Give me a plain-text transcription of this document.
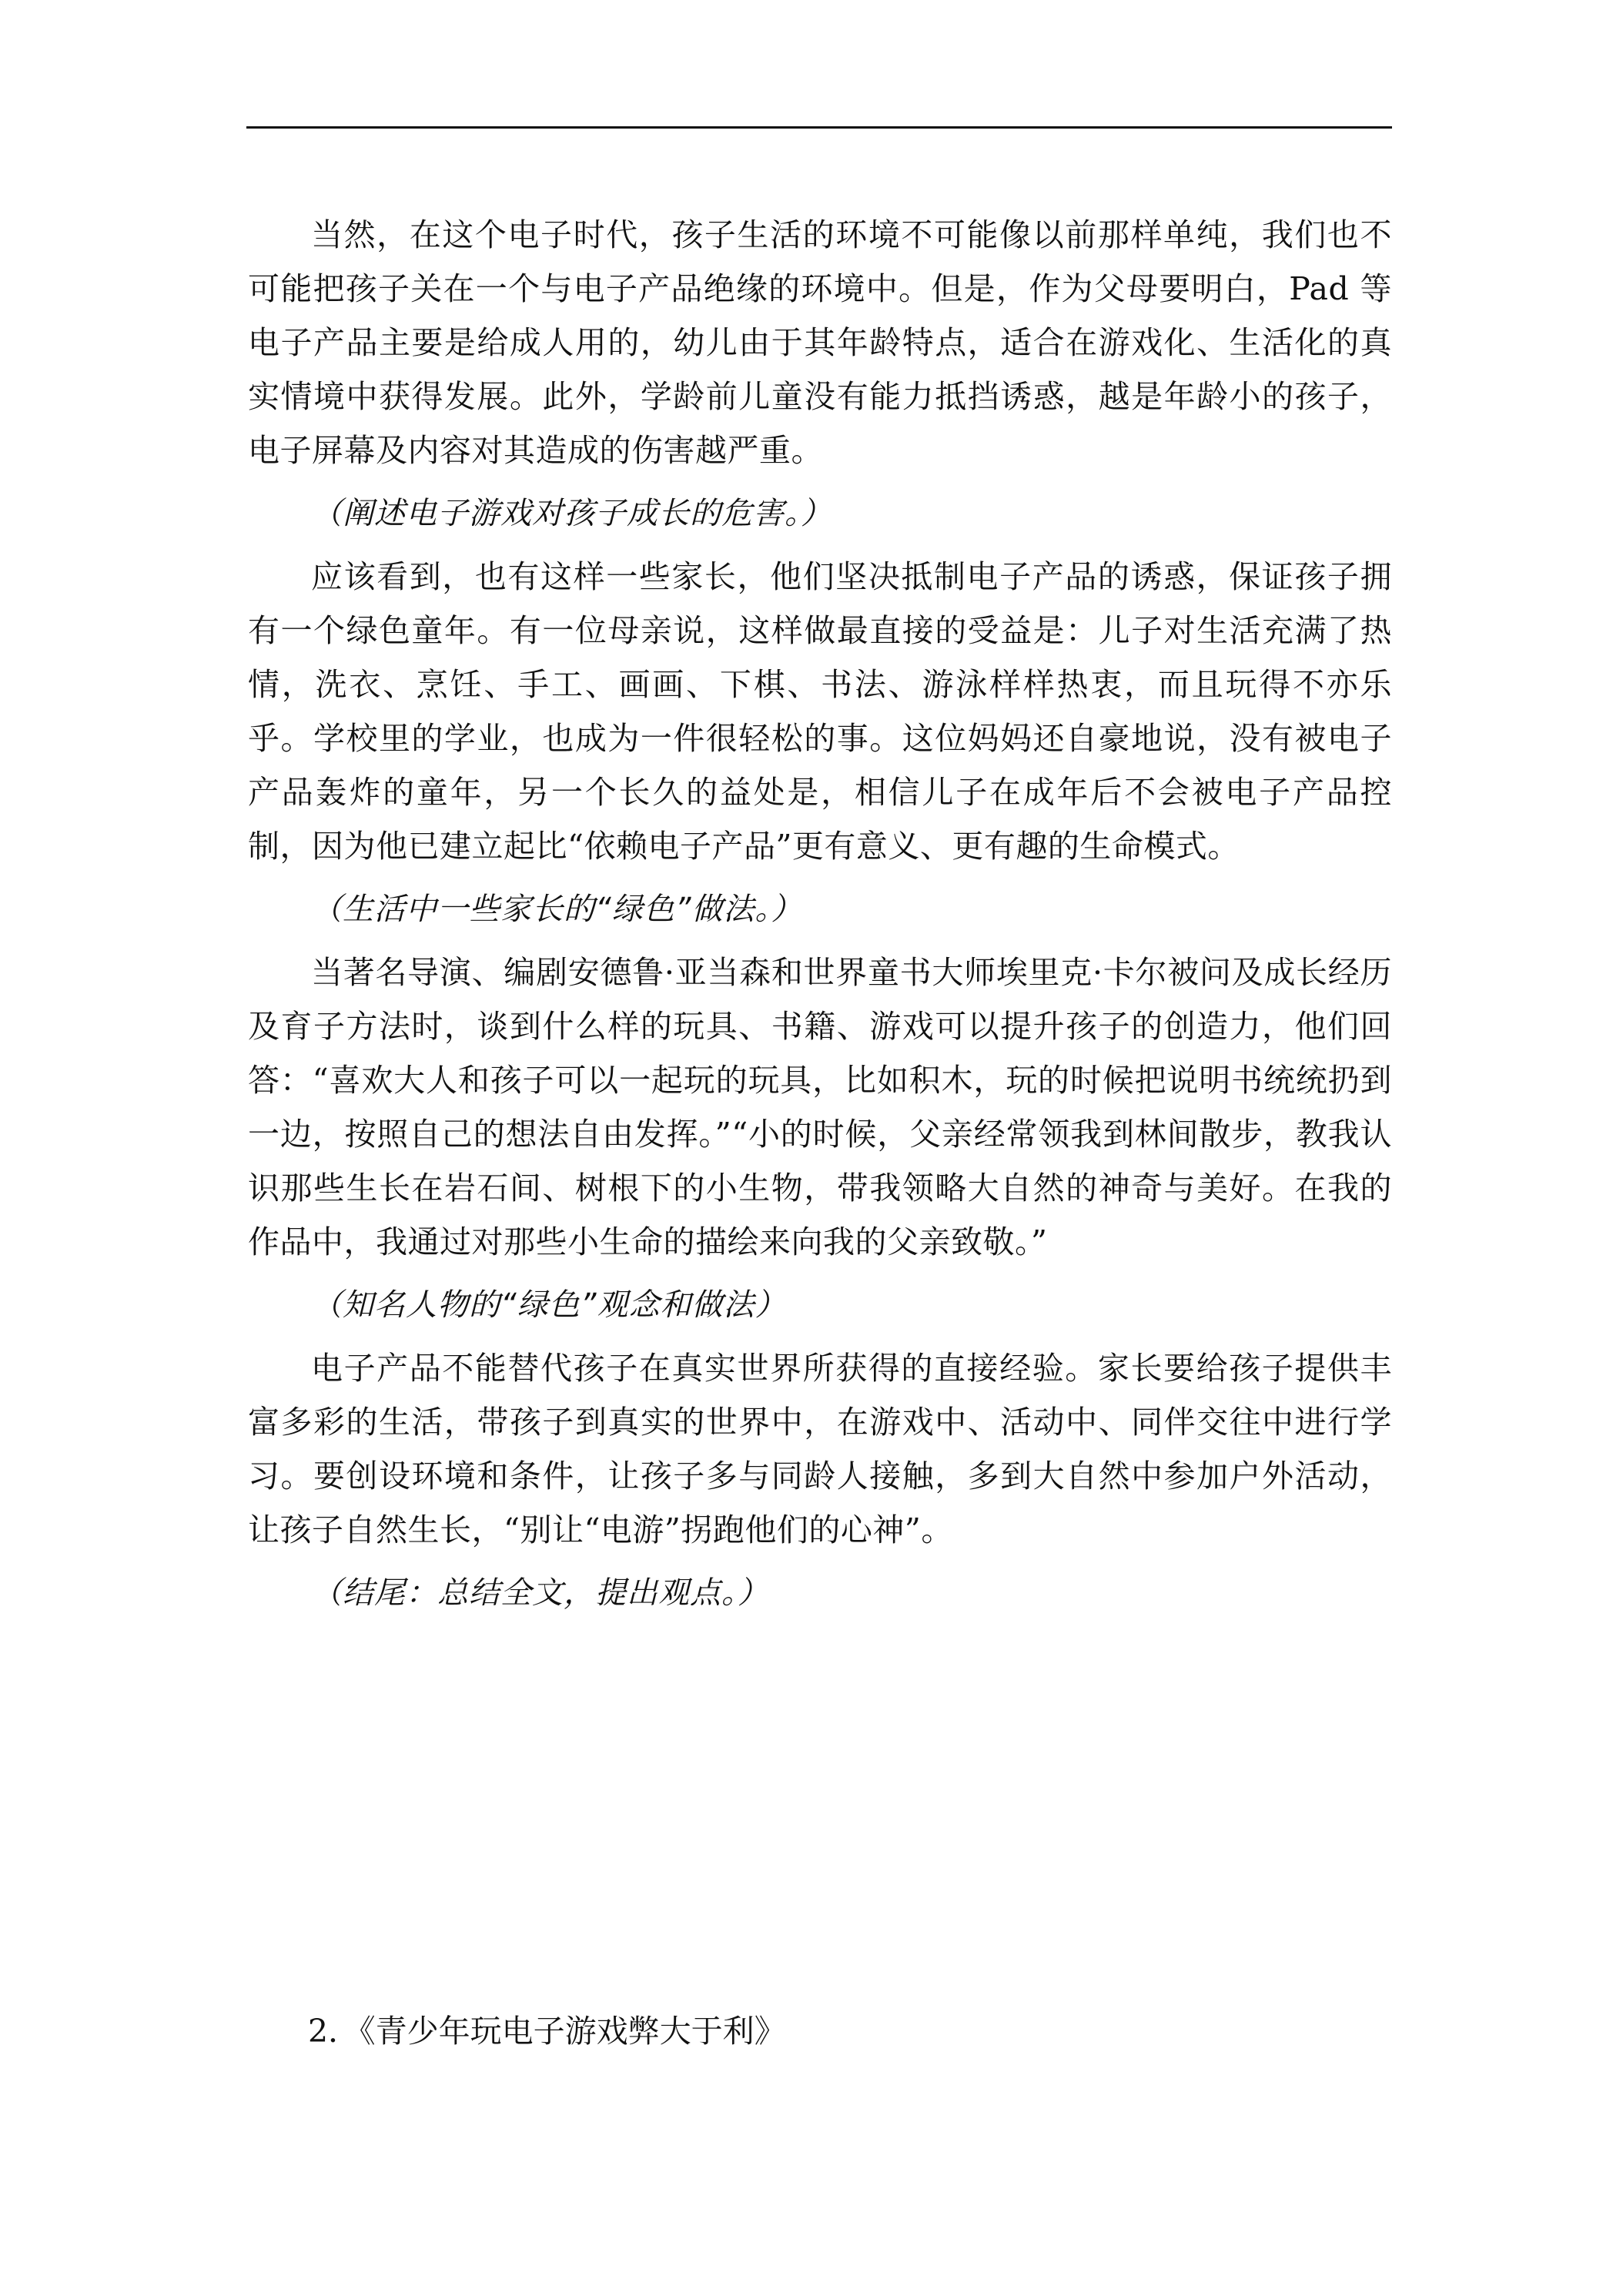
当然，在这个电子时代，孩子生活的环境不可能像以前那样单纯，我们也不可能把孩子关在一个与电子产品绝缘的环境中。但是，作为父母要明白，Pad 等电子产品主要是给成人用的，幼儿由于其年龄特点，适合在游戏化、生活化的真实情境中获得发展。此外，学龄前儿童没有能力抵挡诱惑，越是年龄小的孩子，电子屏幕及内容对其造成的伤害越严重。

（阐述电子游戏对孩子成长的危害。）

应该看到，也有这样一些家长，他们坚决抵制电子产品的诱惑，保证孩子拥有一个绿色童年。有一位母亲说，这样做最直接的受益是：儿子对生活充满了热情，洗衣、烹饪、手工、画画、下棋、书法、游泳样样热衷，而且玩得不亦乐乎。学校里的学业，也成为一件很轻松的事。这位妈妈还自豪地说，没有被电子产品轰炸的童年，另一个长久的益处是，相信儿子在成年后不会被电子产品控制，因为他已建立起比“依赖电子产品”更有意义、更有趣的生命模式。

（生活中一些家长的“绿色”做法。）

当著名导演、编剧安德鲁·亚当森和世界童书大师埃里克·卡尔被问及成长经历及育子方法时，谈到什么样的玩具、书籍、游戏可以提升孩子的创造力，他们回答：“喜欢大人和孩子可以一起玩的玩具，比如积木，玩的时候把说明书统统扔到一边，按照自己的想法自由发挥。”“小的时候，父亲经常领我到林间散步，教我认识那些生长在岩石间、树根下的小生物，带我领略大自然的神奇与美好。在我的作品中，我通过对那些小生命的描绘来向我的父亲致敬。”

（知名人物的“绿色”观念和做法）

电子产品不能替代孩子在真实世界所获得的直接经验。家长要给孩子提供丰富多彩的生活，带孩子到真实的世界中，在游戏中、活动中、同伴交往中进行学习。要创设环境和条件，让孩子多与同龄人接触，多到大自然中参加户外活动，让孩子自然生长，“别让“电游”拐跑他们的心神”。

（结尾：总结全文，提出观点。）

2．《青少年玩电子游戏弊大于利》
